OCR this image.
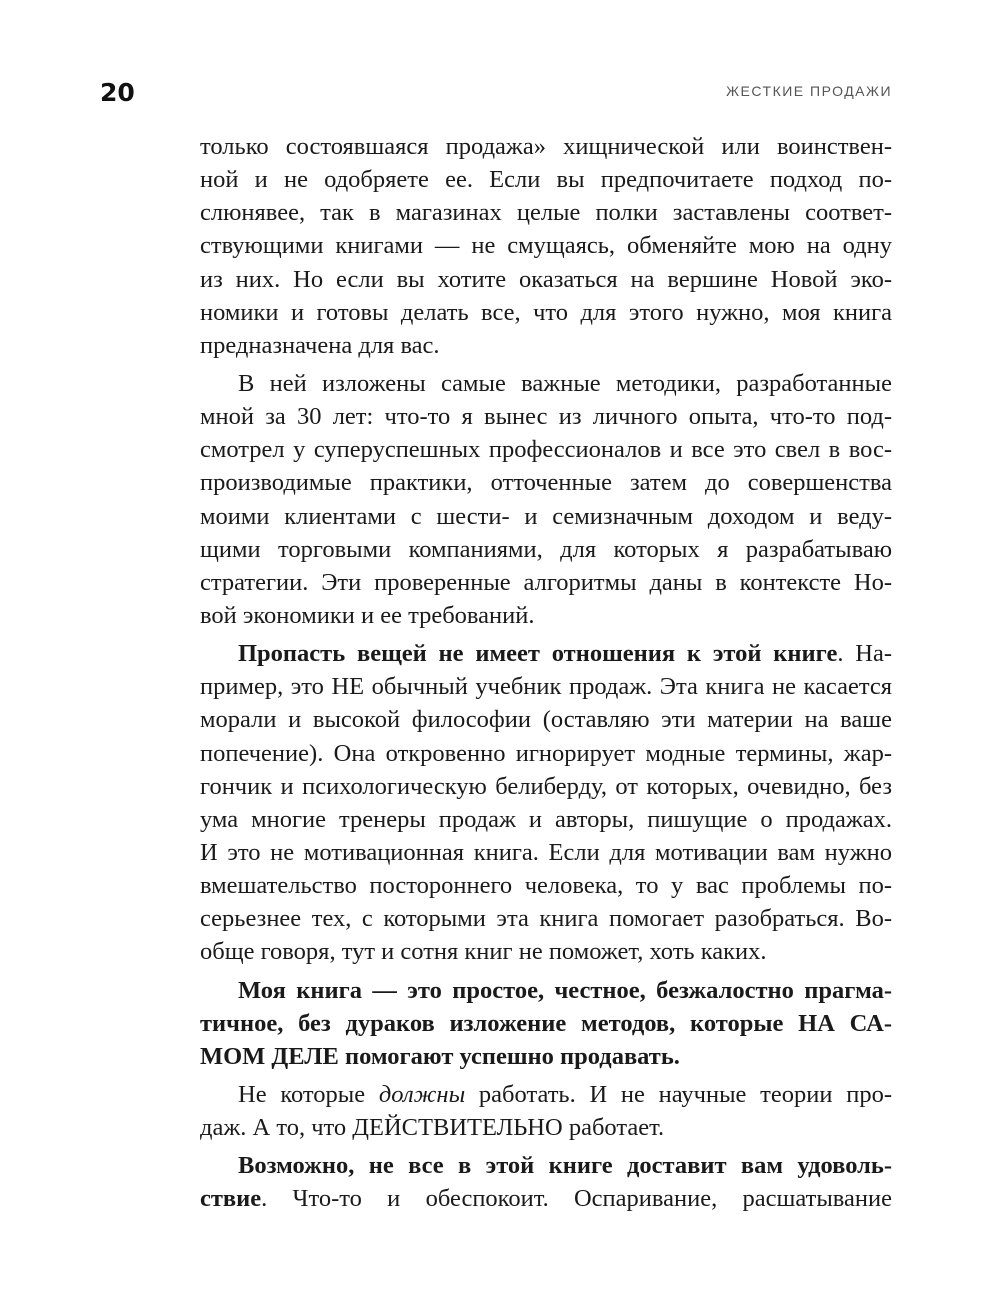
20	ЖЕСТКИЕ ПРОДАЖИ
только состоявшаяся продажа» хищнической или воинствен-
ной и не одобряете ее. Если вы предпочитаете подход по-
слюнявее, так в магазинах целые полки заставлены соответ-
ствующими книгами — не смущаясь, обменяйте мою на одну
из них. Но если вы хотите оказаться на вершине Новой эко-
номики и готовы делать все, что для этого нужно, моя книга
предназначена для вас.
В ней изложены самые важные методики, разработанные
мной за 30 лет: что-то я вынес из личного опыта, что-то под-
смотрел у суперуспешных профессионалов и все это свел в вос-
производимые практики, отточенные затем до совершенства
моими клиентами с шести- и семизначным доходом и веду-
щими торговыми компаниями, для которых я разрабатываю
стратегии. Эти проверенные алгоритмы даны в контексте Но-
вой экономики и ее требований.
Пропасть вещей не имеет отношения к этой книге. На-
пример, это НЕ обычный учебник продаж. Эта книга не касается
морали и высокой философии (оставляю эти материи на ваше
попечение). Она откровенно игнорирует модные термины, жар-
гончик и психологическую белиберду, от которых, очевидно, без
ума многие тренеры продаж и авторы, пишущие о продажах.
И это не мотивационная книга. Если для мотивации вам нужно
вмешательство постороннего человека, то у вас проблемы по-
серьезнее тех, с которыми эта книга помогает разобраться. Во-
обще говоря, тут и сотня книг не поможет, хоть каких.
Моя книга — это простое, честное, безжалостно прагма-
тичное, без дураков изложение методов, которые НА СА-
МОМ ДЕЛЕ помогают успешно продавать.
Не которые должны работать. И не научные теории про-
даж. А то, что ДЕЙСТВИТЕЛЬНО работает.
Возможно, не все в этой книге доставит вам удоволь-
ствие. Что-то и обеспокоит. Оспаривание, расшатывание
